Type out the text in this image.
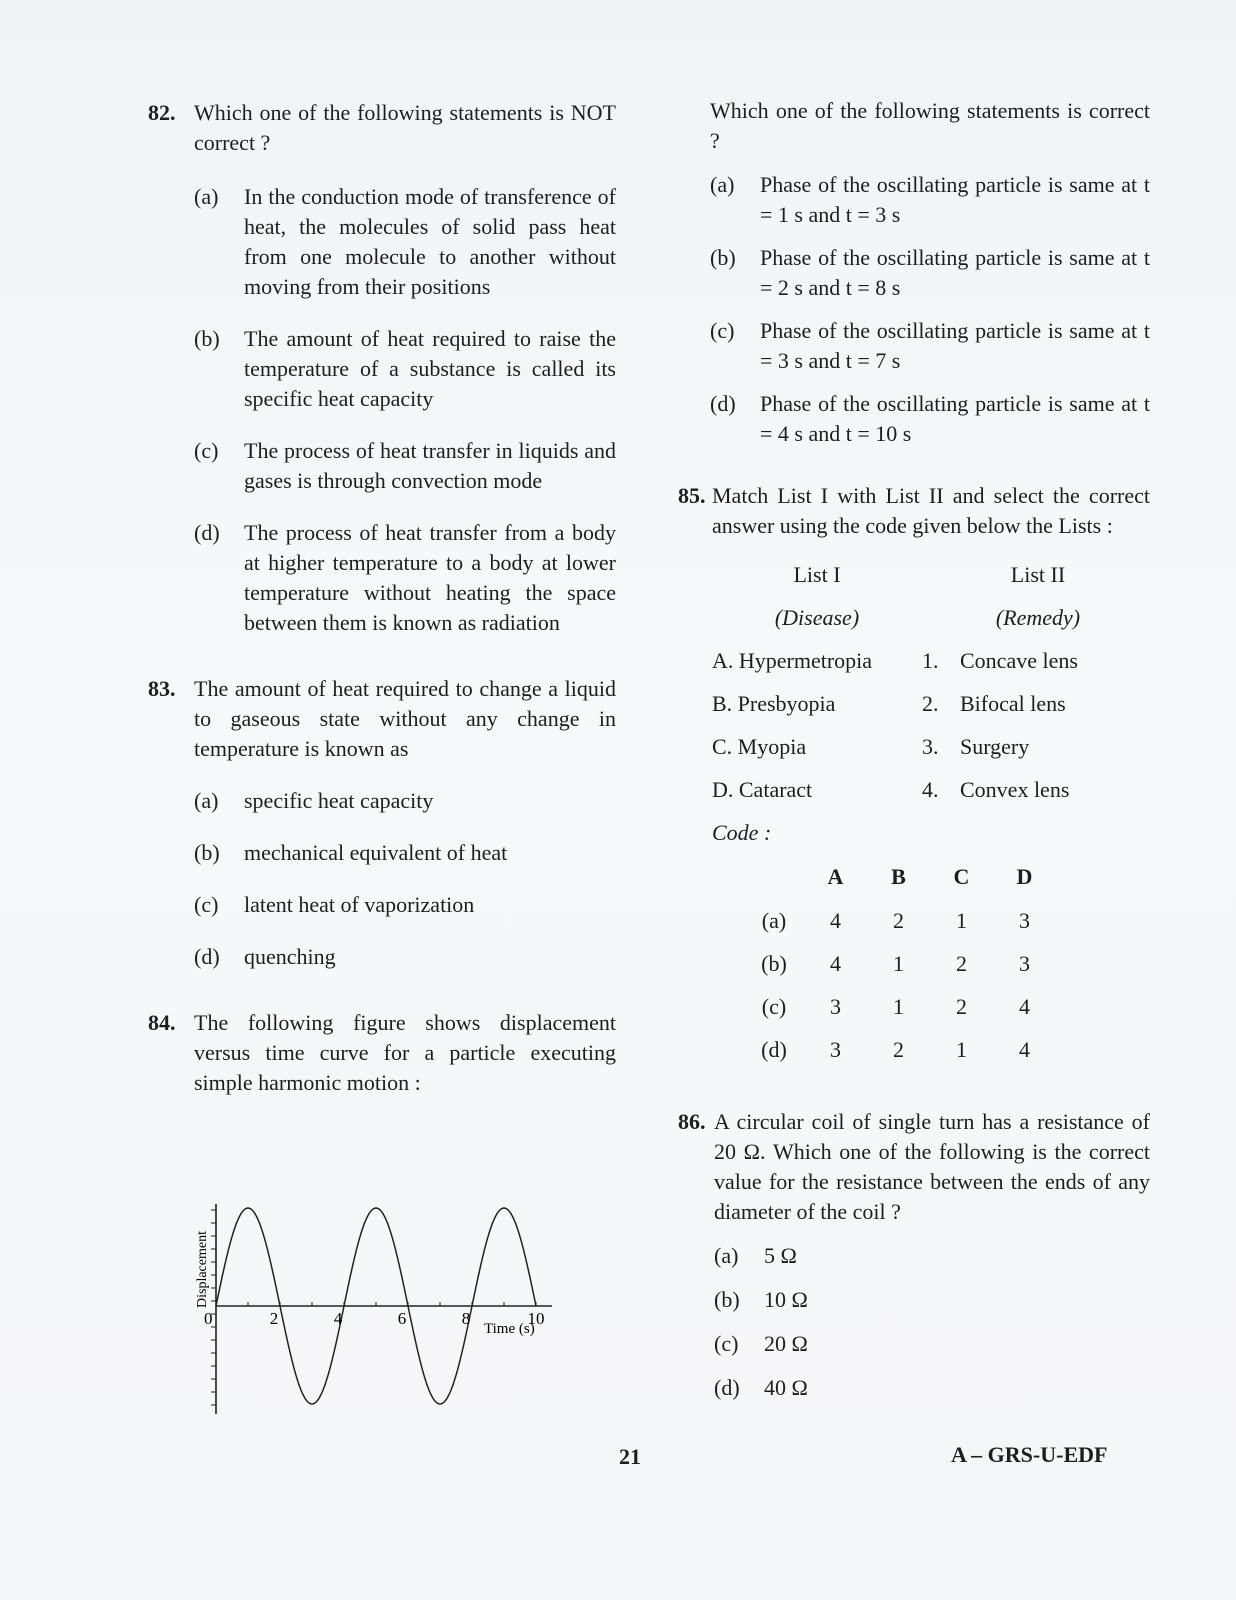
82. Which one of the following statements is NOT correct ?
(a) In the conduction mode of transference of heat, the molecules of solid pass heat from one molecule to another without moving from their positions
(b) The amount of heat required to raise the temperature of a substance is called its specific heat capacity
(c) The process of heat transfer in liquids and gases is through convection mode
(d) The process of heat transfer from a body at higher temperature to a body at lower temperature without heating the space between them is known as radiation
83. The amount of heat required to change a liquid to gaseous state without any change in temperature is known as
(a) specific heat capacity
(b) mechanical equivalent of heat
(c) latent heat of vaporization
(d) quenching
84. The following figure shows displacement versus time curve for a particle executing simple harmonic motion :
Displacement
0	2	4	6	8	10
Time (s)
Which one of the following statements is correct ?
(a) Phase of the oscillating particle is same at t = 1 s and t = 3 s
(b) Phase of the oscillating particle is same at t = 2 s and t = 8 s
(c) Phase of the oscillating particle is same at t = 3 s and t = 7 s
(d) Phase of the oscillating particle is same at t = 4 s and t = 10 s
85. Match List I with List II and select the correct answer using the code given below the Lists :
List I		List II
(Disease)		(Remedy)
A. Hypermetropia	1.	Concave lens
B. Presbyopia	2.	Bifocal lens
C. Myopia	3.	Surgery
D. Cataract	4.	Convex lens
Code :
	A	B	C	D
(a)	4	2	1	3
(b)	4	1	2	3
(c)	3	1	2	4
(d)	3	2	1	4
86. A circular coil of single turn has a resistance of 20 Ω. Which one of the following is the correct value for the resistance between the ends of any diameter of the coil ?
(a) 5 Ω
(b) 10 Ω
(c) 20 Ω
(d) 40 Ω
21	A – GRS-U-EDF
